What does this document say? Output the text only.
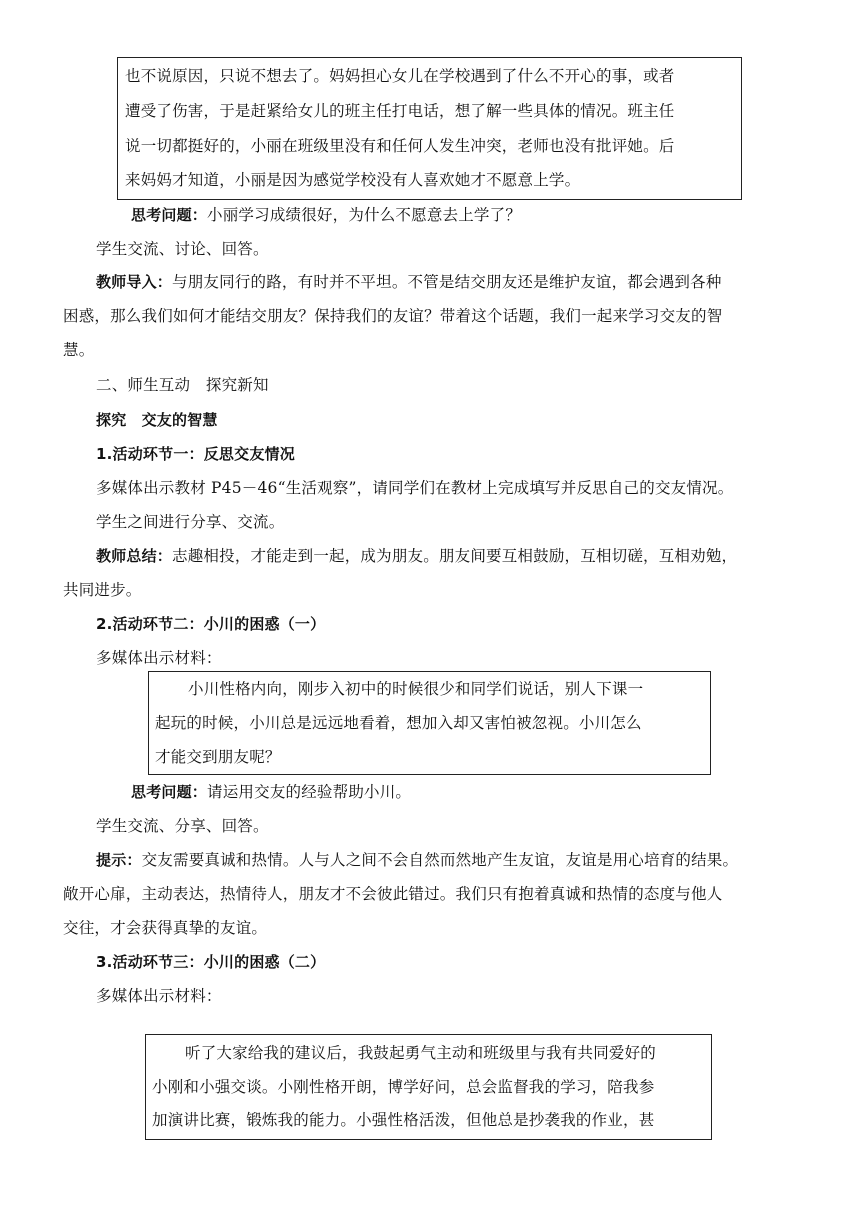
也不说原因，只说不想去了。妈妈担心女儿在学校遇到了什么不开心的事，或者
遭受了伤害，于是赶紧给女儿的班主任打电话，想了解一些具体的情况。班主任
说一切都挺好的，小丽在班级里没有和任何人发生冲突，老师也没有批评她。后
来妈妈才知道，小丽是因为感觉学校没有人喜欢她才不愿意上学。
思考问题：小丽学习成绩很好，为什么不愿意去上学了？
学生交流、讨论、回答。
教师导入：与朋友同行的路，有时并不平坦。不管是结交朋友还是维护友谊，都会遇到各种
困惑，那么我们如何才能结交朋友？保持我们的友谊？带着这个话题，我们一起来学习交友的智
慧。
二、师生互动　探究新知
探究　交友的智慧
1.活动环节一：反思交友情况
多媒体出示教材 P45－46“生活观察”，请同学们在教材上完成填写并反思自己的交友情况。
学生之间进行分享、交流。
教师总结：志趣相投，才能走到一起，成为朋友。朋友间要互相鼓励，互相切磋，互相劝勉，
共同进步。
2.活动环节二：小川的困惑（一）
多媒体出示材料：
小川性格内向，刚步入初中的时候很少和同学们说话，别人下课一
起玩的时候，小川总是远远地看着，想加入却又害怕被忽视。小川怎么
才能交到朋友呢？
思考问题：请运用交友的经验帮助小川。
学生交流、分享、回答。
提示：交友需要真诚和热情。人与人之间不会自然而然地产生友谊，友谊是用心培育的结果。
敞开心扉，主动表达，热情待人，朋友才不会彼此错过。我们只有抱着真诚和热情的态度与他人
交往，才会获得真挚的友谊。
3.活动环节三：小川的困惑（二）
多媒体出示材料：
听了大家给我的建议后，我鼓起勇气主动和班级里与我有共同爱好的
小刚和小强交谈。小刚性格开朗，博学好问，总会监督我的学习，陪我参
加演讲比赛，锻炼我的能力。小强性格活泼，但他总是抄袭我的作业，甚
